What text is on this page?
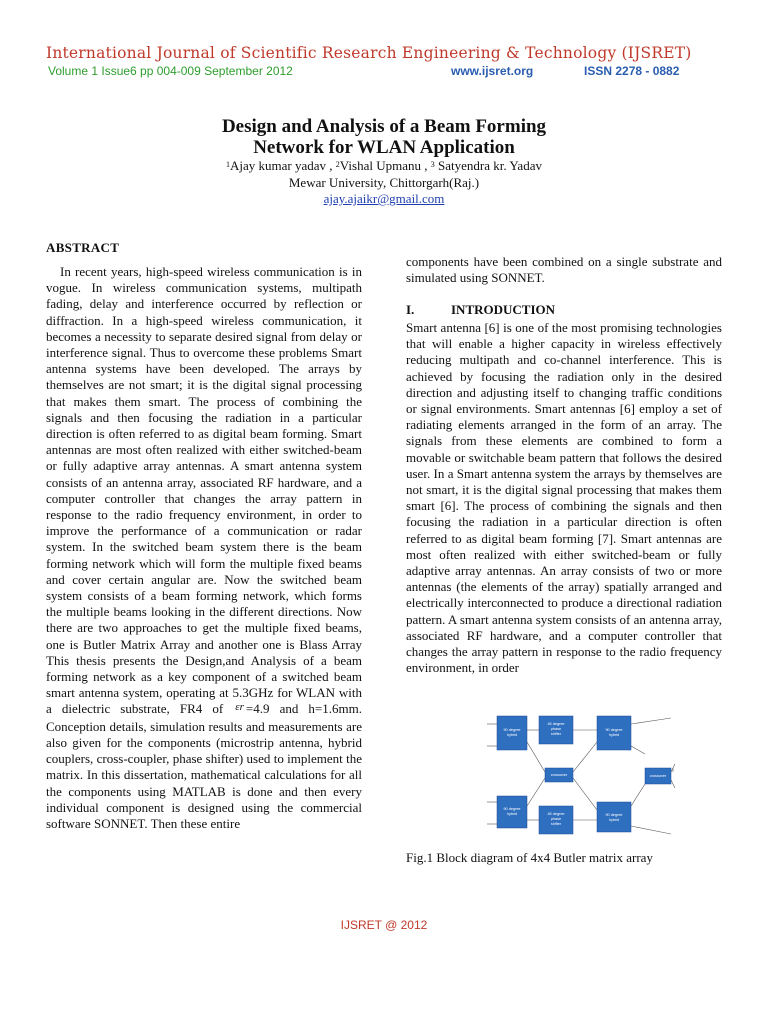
International Journal of Scientific Research Engineering & Technology (IJSRET)
Volume 1 Issue6 pp 004-009 September 2012	www.ijsret.org	ISSN 2278 - 0882
Design and Analysis of a Beam Forming
Network for WLAN Application
$^1$Ajay kumar yadav , $^2$Vishal Upmanu , $^3$ Satyendra kr. Yadav
Mewar University, Chittorgarh(Raj.)
ajay.ajaikr@gmail.com
ABSTRACT
In recent years, high-speed wireless communication is in vogue. In wireless communication systems, multipath fading, delay and interference occurred by reflection or diffraction. In a high-speed wireless communication, it becomes a necessity to separate desired signal from delay or interference signal. Thus to overcome these problems Smart antenna systems have been developed. The arrays by themselves are not smart; it is the digital signal processing that makes them smart. The process of combining the signals and then focusing the radiation in a particular direction is often referred to as digital beam forming. Smart antennas are most often realized with either switched-beam or fully adaptive array antennas. A smart antenna system consists of an antenna array, associated RF hardware, and a computer controller that changes the array pattern in response to the radio frequency environment, in order to improve the performance of a communication or radar system. In the switched beam system there is the beam forming network which will form the multiple fixed beams and cover certain angular are. Now the switched beam system consists of a beam forming network, which forms the multiple beams looking in the different directions. Now there are two approaches to get the multiple fixed beams, one is Butler Matrix Array and another one is Blass Array This thesis presents the Design,and Analysis of a beam forming network as a key component of a switched beam smart antenna system, operating at 5.3GHz for WLAN with a dielectric substrate, FR4 of $^{\varepsilon r}$ =4.9 and h=1.6mm. Conception details, simulation results and measurements are also given for the components (microstrip antenna, hybrid couplers, cross-coupler, phase shifter) used to implement the matrix. In this dissertation, mathematical calculations for all the components using MATLAB is done and then every individual component is designed using the commercial software SONNET. Then these entire
components have been combined on a single substrate and simulated using SONNET.
I.	INTRODUCTION
Smart antenna [6] is one of the most promising technologies that will enable a higher capacity in wireless effectively reducing multipath and co-channel interference. This is achieved by focusing the radiation only in the desired direction and adjusting itself to changing traffic conditions or signal environments. Smart antennas [6] employ a set of radiating elements arranged in the form of an array. The signals from these elements are combined to form a movable or switchable beam pattern that follows the desired user. In a Smart antenna system the arrays by themselves are not smart, it is the digital signal processing that makes them smart [6]. The process of combining the signals and then focusing the radiation in a particular direction is often referred to as digital beam forming [7]. Smart antennas are most often realized with either switched-beam or fully adaptive array antennas. An array consists of two or more antennas (the elements of the array) spatially arranged and electrically interconnected to produce a directional radiation pattern. A smart antenna system consists of an antenna array, associated RF hardware, and a computer controller that changes the array pattern in response to the radio frequency environment, in order
90 degree
hybrid
45 degree
phase
shifter
90 degree
hybrid
crossover	crossover
90 degree
hybrid	45 degree
phase
shifter
90 degree
hybrid
Fig.1 Block diagram of 4x4 Butler matrix array
IJSRET @ 2012
